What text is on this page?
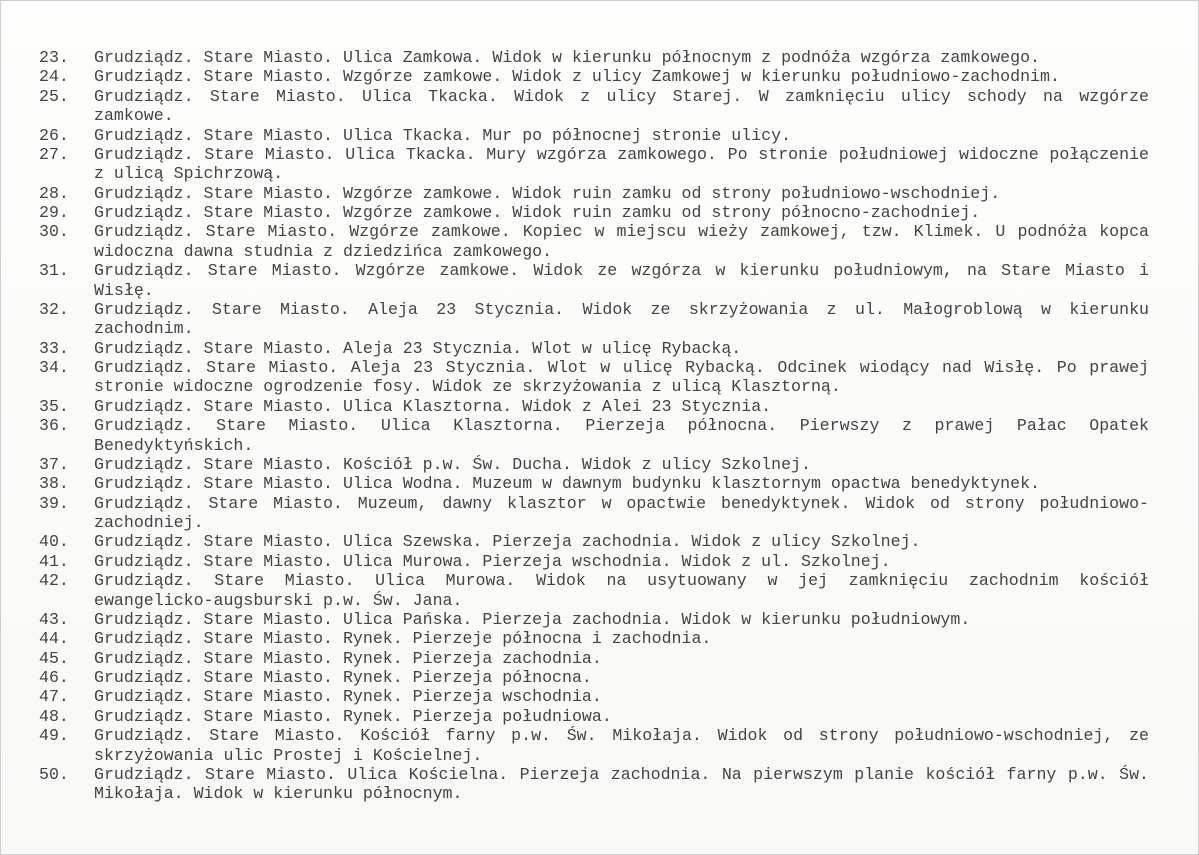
23.	Grudziądz. Stare Miasto. Ulica Zamkowa. Widok w kierunku północnym z podnóża wzgórza zamkowego.
24.	Grudziądz. Stare Miasto. Wzgórze zamkowe. Widok z ulicy Zamkowej w kierunku południowo-zachodnim.
25.	Grudziądz. Stare Miasto. Ulica Tkacka. Widok z ulicy Starej. W zamknięciu ulicy schody na wzgórze zamkowe.
26.	Grudziądz. Stare Miasto. Ulica Tkacka. Mur po północnej stronie ulicy.
27.	Grudziądz. Stare Miasto. Ulica Tkacka. Mury wzgórza zamkowego. Po stronie południowej widoczne połączenie z ulicą Spichrzową.
28.	Grudziądz. Stare Miasto. Wzgórze zamkowe. Widok ruin zamku od strony południowo-wschodniej.
29.	Grudziądz. Stare Miasto. Wzgórze zamkowe. Widok ruin zamku od strony północno-zachodniej.
30.	Grudziądz. Stare Miasto. Wzgórze zamkowe. Kopiec w miejscu wieży zamkowej, tzw. Klimek. U podnóża kopca widoczna dawna studnia z dziedzińca zamkowego.
31.	Grudziądz. Stare Miasto. Wzgórze zamkowe. Widok ze wzgórza w kierunku południowym, na Stare Miasto i Wisłę.
32.	Grudziądz. Stare Miasto. Aleja 23 Stycznia. Widok ze skrzyżowania z ul. Małogroblową w kierunku zachodnim.
33.	Grudziądz. Stare Miasto. Aleja 23 Stycznia. Wlot w ulicę Rybacką.
34.	Grudziądz. Stare Miasto. Aleja 23 Stycznia. Wlot w ulicę Rybacką. Odcinek wiodący nad Wisłę. Po prawej stronie widoczne ogrodzenie fosy. Widok ze skrzyżowania z ulicą Klasztorną.
35.	Grudziądz. Stare Miasto. Ulica Klasztorna. Widok z Alei 23 Stycznia.
36.	Grudziądz. Stare Miasto. Ulica Klasztorna. Pierzeja północna. Pierwszy z prawej Pałac Opatek Benedyktyńskich.
37.	Grudziądz. Stare Miasto. Kościół p.w. Św. Ducha. Widok z ulicy Szkolnej.
38.	Grudziądz. Stare Miasto. Ulica Wodna. Muzeum w dawnym budynku klasztornym opactwa benedyktynek.
39.	Grudziądz. Stare Miasto. Muzeum, dawny klasztor w opactwie benedyktynek. Widok od strony południowo-zachodniej.
40.	Grudziądz. Stare Miasto. Ulica Szewska. Pierzeja zachodnia. Widok z ulicy Szkolnej.
41.	Grudziądz. Stare Miasto. Ulica Murowa. Pierzeja wschodnia. Widok z ul. Szkolnej.
42.	Grudziądz. Stare Miasto. Ulica Murowa. Widok na usytuowany w jej zamknięciu zachodnim kościół ewangelicko-augsburski p.w. Św. Jana.
43.	Grudziądz. Stare Miasto. Ulica Pańska. Pierzeja zachodnia. Widok w kierunku południowym.
44.	Grudziądz. Stare Miasto. Rynek. Pierzeje północna i zachodnia.
45.	Grudziądz. Stare Miasto. Rynek. Pierzeja zachodnia.
46.	Grudziądz. Stare Miasto. Rynek. Pierzeja północna.
47.	Grudziądz. Stare Miasto. Rynek. Pierzeja wschodnia.
48.	Grudziądz. Stare Miasto. Rynek. Pierzeja południowa.
49.	Grudziądz. Stare Miasto. Kościół farny p.w. Św. Mikołaja. Widok od strony południowo-wschodniej, ze skrzyżowania ulic Prostej i Kościelnej.
50.	Grudziądz. Stare Miasto. Ulica Kościelna. Pierzeja zachodnia. Na pierwszym planie kościół farny p.w. Św. Mikołaja. Widok w kierunku północnym.
